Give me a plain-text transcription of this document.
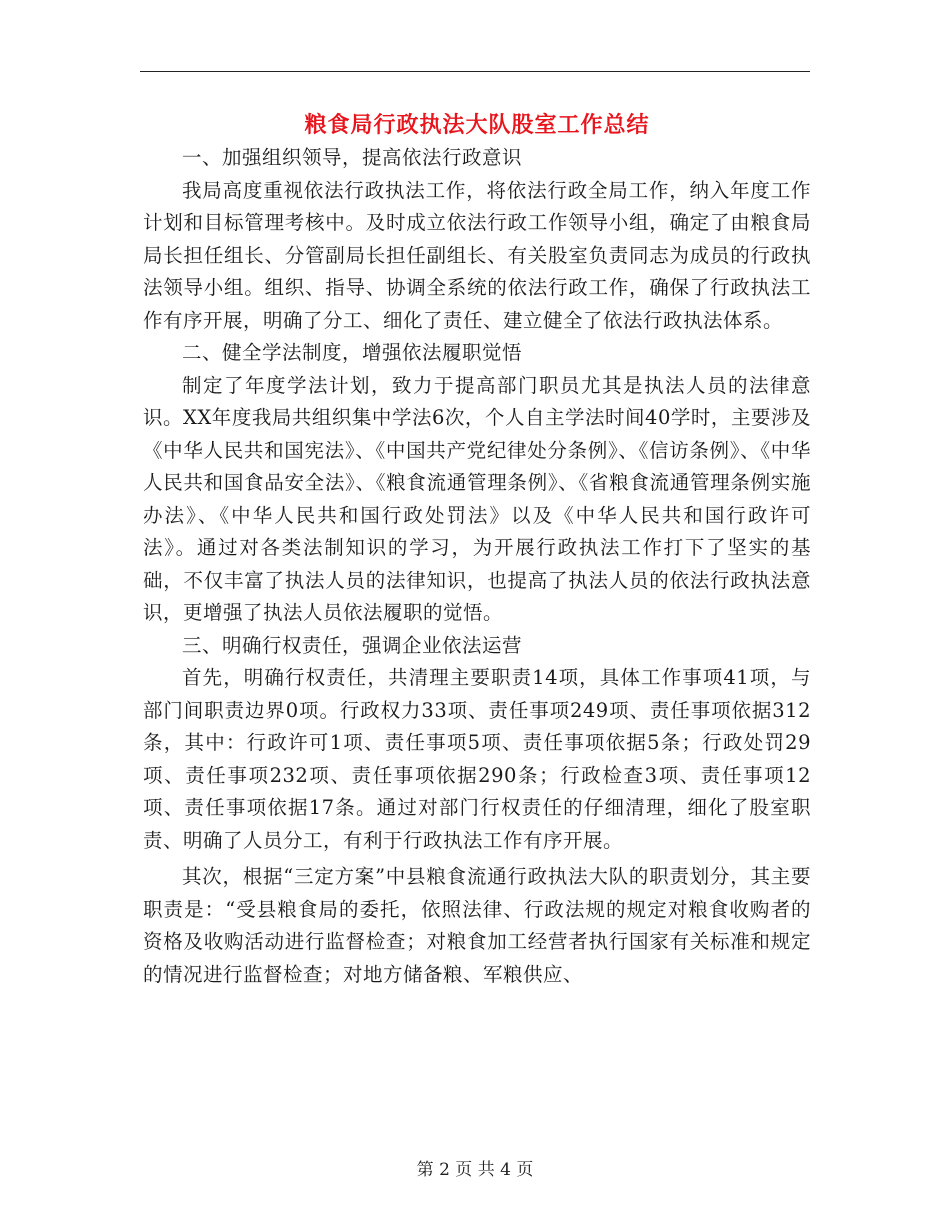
粮食局行政执法大队股室工作总结

一、加强组织领导，提高依法行政意识

我局高度重视依法行政执法工作，将依法行政全局工作，纳入年度工作计划和目标管理考核中。及时成立依法行政工作领导小组，确定了由粮食局局长担任组长、分管副局长担任副组长、有关股室负责同志为成员的行政执法领导小组。组织、指导、协调全系统的依法行政工作，确保了行政执法工作有序开展，明确了分工、细化了责任、建立健全了依法行政执法体系。

二、健全学法制度，增强依法履职觉悟

制定了年度学法计划，致力于提高部门职员尤其是执法人员的法律意识。XX年度我局共组织集中学法6次，个人自主学法时间40学时，主要涉及《中华人民共和国宪法》、《中国共产党纪律处分条例》、《信访条例》、《中华人民共和国食品安全法》、《粮食流通管理条例》、《省粮食流通管理条例实施办法》、《中华人民共和国行政处罚法》以及《中华人民共和国行政许可法》。通过对各类法制知识的学习，为开展行政执法工作打下了坚实的基础，不仅丰富了执法人员的法律知识，也提高了执法人员的依法行政执法意识，更增强了执法人员依法履职的觉悟。

三、明确行权责任，强调企业依法运营

首先，明确行权责任，共清理主要职责14项，具体工作事项41项，与部门间职责边界0项。行政权力33项、责任事项249项、责任事项依据312条，其中：行政许可1项、责任事项5项、责任事项依据5条；行政处罚29项、责任事项232项、责任事项依据290条；行政检查3项、责任事项12项、责任事项依据17条。通过对部门行权责任的仔细清理，细化了股室职责、明确了人员分工，有利于行政执法工作有序开展。

其次，根据“三定方案”中县粮食流通行政执法大队的职责划分，其主要职责是：“受县粮食局的委托，依照法律、行政法规的规定对粮食收购者的资格及收购活动进行监督检查；对粮食加工经营者执行国家有关标准和规定的情况进行监督检查；对地方储备粮、军粮供应、

第 2 页 共 4 页
